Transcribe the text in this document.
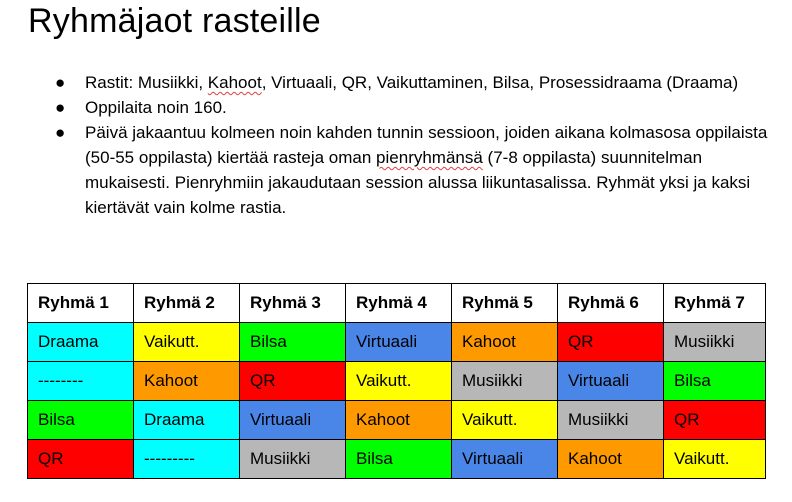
Ryhmäjaot rasteille
● Rastit: Musiikki, Kahoot, Virtuaali, QR, Vaikuttaminen, Bilsa, Prosessidraama (Draama)
● Oppilaita noin 160.
● Päivä jakaantuu kolmeen noin kahden tunnin sessioon, joiden aikana kolmasosa oppilaista (50-55 oppilasta) kiertää rasteja oman pienryhmänsä (7-8 oppilasta) suunnitelman mukaisesti. Pienryhmiin jakaudutaan session alussa liikuntasalissa. Ryhmät yksi ja kaksi kiertävät vain kolme rastia.
Ryhmä 1	Ryhmä 2	Ryhmä 3	Ryhmä 4	Ryhmä 5	Ryhmä 6	Ryhmä 7
Draama	Vaikutt.	Bilsa	Virtuaali	Kahoot	QR	Musiikki
--------	Kahoot	QR	Vaikutt.	Musiikki	Virtuaali	Bilsa
Bilsa	Draama	Virtuaali	Kahoot	Vaikutt.	Musiikki	QR
QR	---------	Musiikki	Bilsa	Virtuaali	Kahoot	Vaikutt.
